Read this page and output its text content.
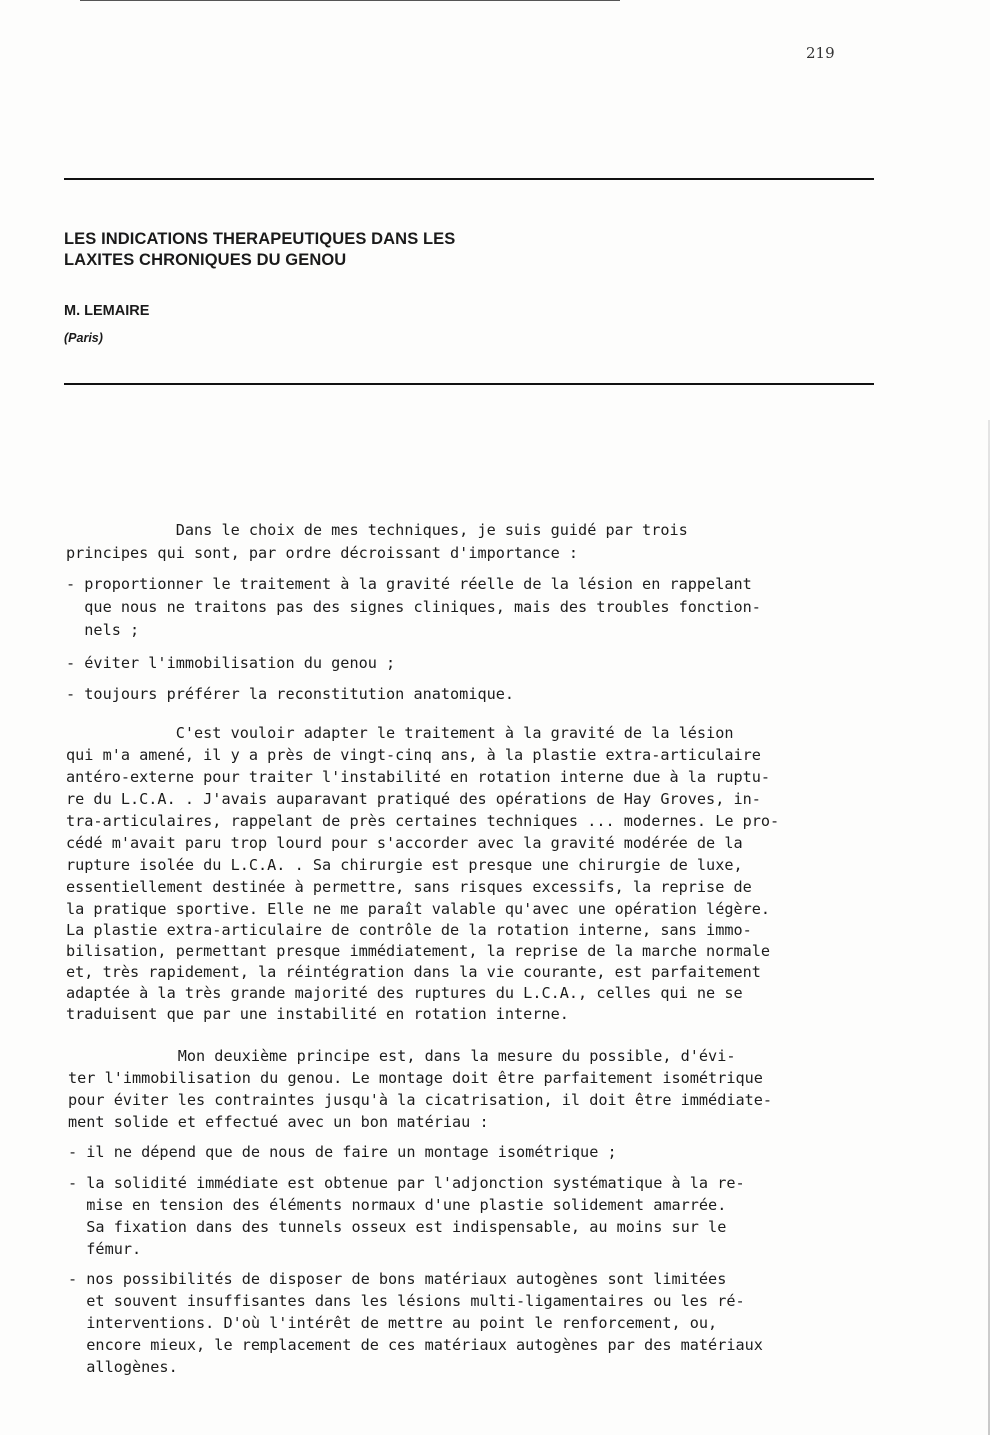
219
LES INDICATIONS THERAPEUTIQUES DANS LES
LAXITES CHRONIQUES DU GENOU
M. LEMAIRE
(Paris)
Dans le choix de mes techniques, je suis guidé par trois
principes qui sont, par ordre décroissant d'importance :
- proportionner le traitement à la gravité réelle de la lésion en rappelant
que nous ne traitons pas des signes cliniques, mais des troubles fonction-
nels ;
- éviter l'immobilisation du genou ;
- toujours préférer la reconstitution anatomique.
C'est vouloir adapter le traitement à la gravité de la lésion
qui m'a amené, il y a près de vingt-cinq ans, à la plastie extra-articulaire
antéro-externe pour traiter l'instabilité en rotation interne due à la ruptu-
re du L.C.A. . J'avais auparavant pratiqué des opérations de Hay Groves, in-
tra-articulaires, rappelant de près certaines techniques ... modernes. Le pro-
cédé m'avait paru trop lourd pour s'accorder avec la gravité modérée de la
rupture isolée du L.C.A. . Sa chirurgie est presque une chirurgie de luxe,
essentiellement destinée à permettre, sans risques excessifs, la reprise de
la pratique sportive. Elle ne me paraît valable qu'avec une opération légère.
La plastie extra-articulaire de contrôle de la rotation interne, sans immo-
bilisation, permettant presque immédiatement, la reprise de la marche normale
et, très rapidement, la réintégration dans la vie courante, est parfaitement
adaptée à la très grande majorité des ruptures du L.C.A., celles qui ne se
traduisent que par une instabilité en rotation interne.
Mon deuxième principe est, dans la mesure du possible, d'évi-
ter l'immobilisation du genou. Le montage doit être parfaitement isométrique
pour éviter les contraintes jusqu'à la cicatrisation, il doit être immédiate-
ment solide et effectué avec un bon matériau :
- il ne dépend que de nous de faire un montage isométrique ;
- la solidité immédiate est obtenue par l'adjonction systématique à la re-
mise en tension des éléments normaux d'une plastie solidement amarrée.
Sa fixation dans des tunnels osseux est indispensable, au moins sur le
fémur.
- nos possibilités de disposer de bons matériaux autogènes sont limitées
et souvent insuffisantes dans les lésions multi-ligamentaires ou les ré-
interventions. D'où l'intérêt de mettre au point le renforcement, ou,
encore mieux, le remplacement de ces matériaux autogènes par des matériaux
allogènes.
